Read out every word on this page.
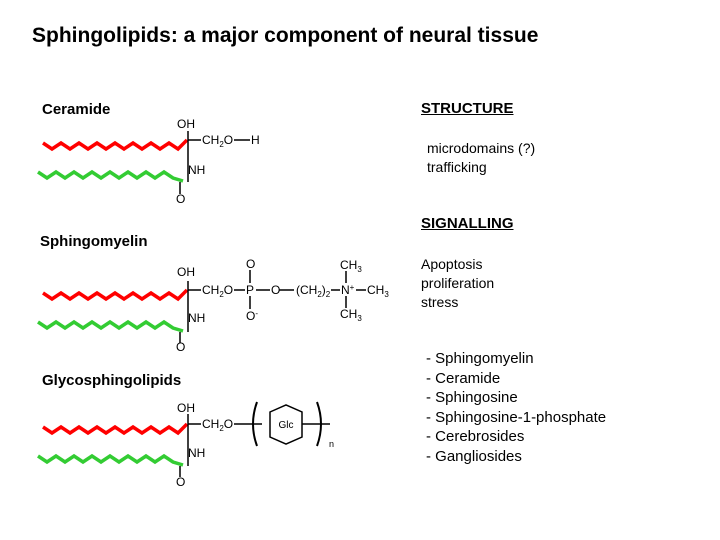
Sphingolipids: a major component of neural tissue
Ceramide
Sphingomyelin
Glycosphingolipids
STRUCTURE
microdomains (?)
trafficking
SIGNALLING
Apoptosis
proliferation
stress
- Sphingomyelin
- Ceramide
- Sphingosine
- Sphingosine-1-phosphate
- Cerebrosides
- Gangliosides
OH
$CH_2O$ H
NH
O
OH
$CH_2O$
O
P
O-
O $(CH_2)_2$ N+
$CH_3$
$CH_3$
$CH_3$
NH
O
OH
$CH_2O$	Glc
n
NH
O
